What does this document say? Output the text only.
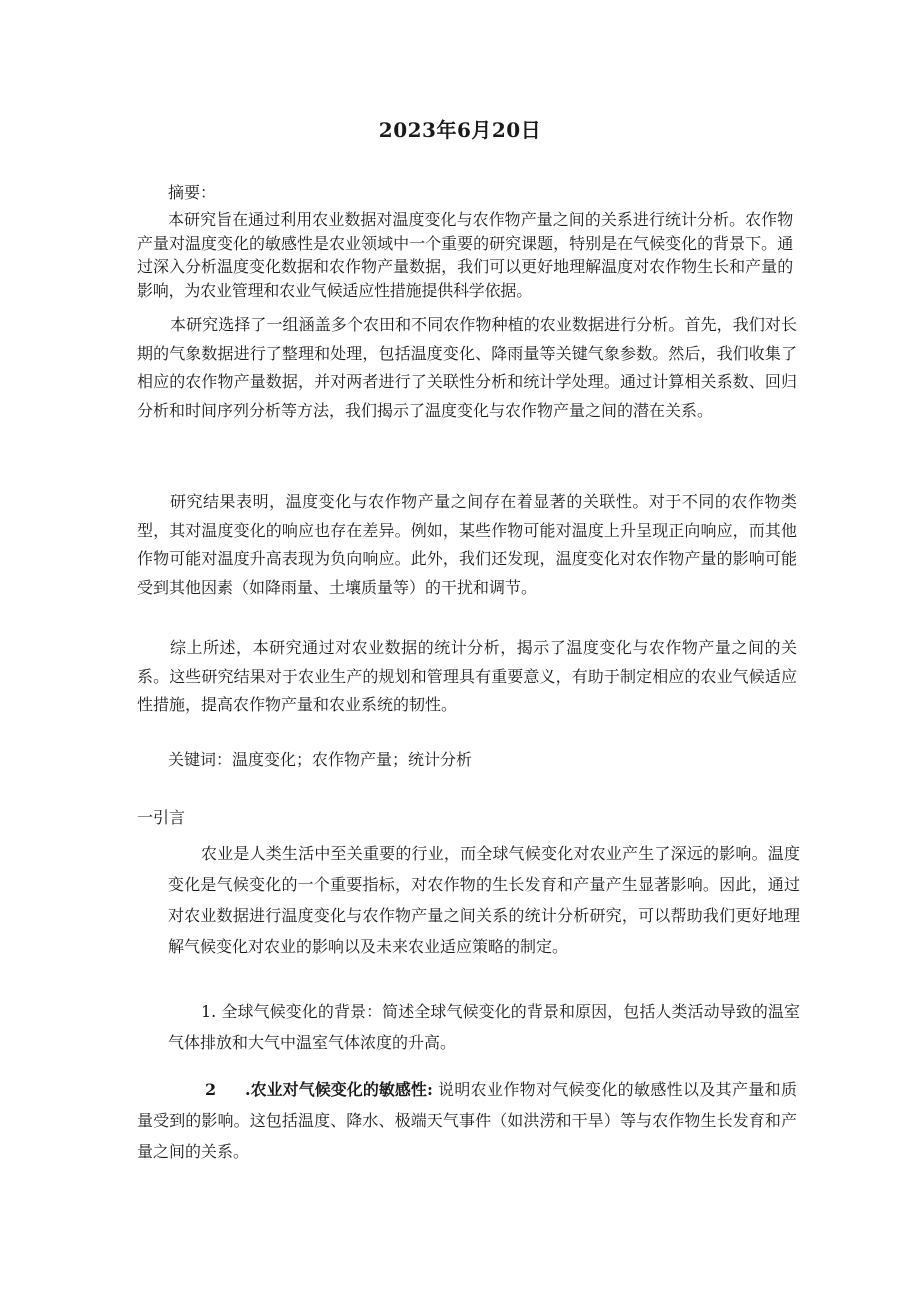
2023年6月20日
摘要：

本研究旨在通过利用农业数据对温度变化与农作物产量之间的关系进行统计分析。农作物产量对温度变化的敏感性是农业领域中一个重要的研究课题，特别是在气候变化的背景下。通过深入分析温度变化数据和农作物产量数据，我们可以更好地理解温度对农作物生长和产量的影响，为农业管理和农业气候适应性措施提供科学依据。

本研究选择了一组涵盖多个农田和不同农作物种植的农业数据进行分析。首先，我们对长期的气象数据进行了整理和处理，包括温度变化、降雨量等关键气象参数。然后，我们收集了相应的农作物产量数据，并对两者进行了关联性分析和统计学处理。通过计算相关系数、回归分析和时间序列分析等方法，我们揭示了温度变化与农作物产量之间的潜在关系。

研究结果表明，温度变化与农作物产量之间存在着显著的关联性。对于不同的农作物类型，其对温度变化的响应也存在差异。例如，某些作物可能对温度上升呈现正向响应，而其他作物可能对温度升高表现为负向响应。此外，我们还发现，温度变化对农作物产量的影响可能受到其他因素（如降雨量、土壤质量等）的干扰和调节。

综上所述，本研究通过对农业数据的统计分析，揭示了温度变化与农作物产量之间的关系。这些研究结果对于农业生产的规划和管理具有重要意义，有助于制定相应的农业气候适应性措施，提高农作物产量和农业系统的韧性。

关键词：温度变化；农作物产量；统计分析
一引言

农业是人类生活中至关重要的行业，而全球气候变化对农业产生了深远的影响。温度变化是气候变化的一个重要指标，对农作物的生长发育和产量产生显著影响。因此，通过对农业数据进行温度变化与农作物产量之间关系的统计分析研究，可以帮助我们更好地理解气候变化对农业的影响以及未来农业适应策略的制定。

1. 全球气候变化的背景：简述全球气候变化的背景和原因，包括人类活动导致的温室气体排放和大气中温室气体浓度的升高。

2 .农业对气候变化的敏感性: 说明农业作物对气候变化的敏感性以及其产量和质量受到的影响。这包括温度、降水、极端天气事件（如洪涝和干旱）等与农作物生长发育和产量之间的关系。
